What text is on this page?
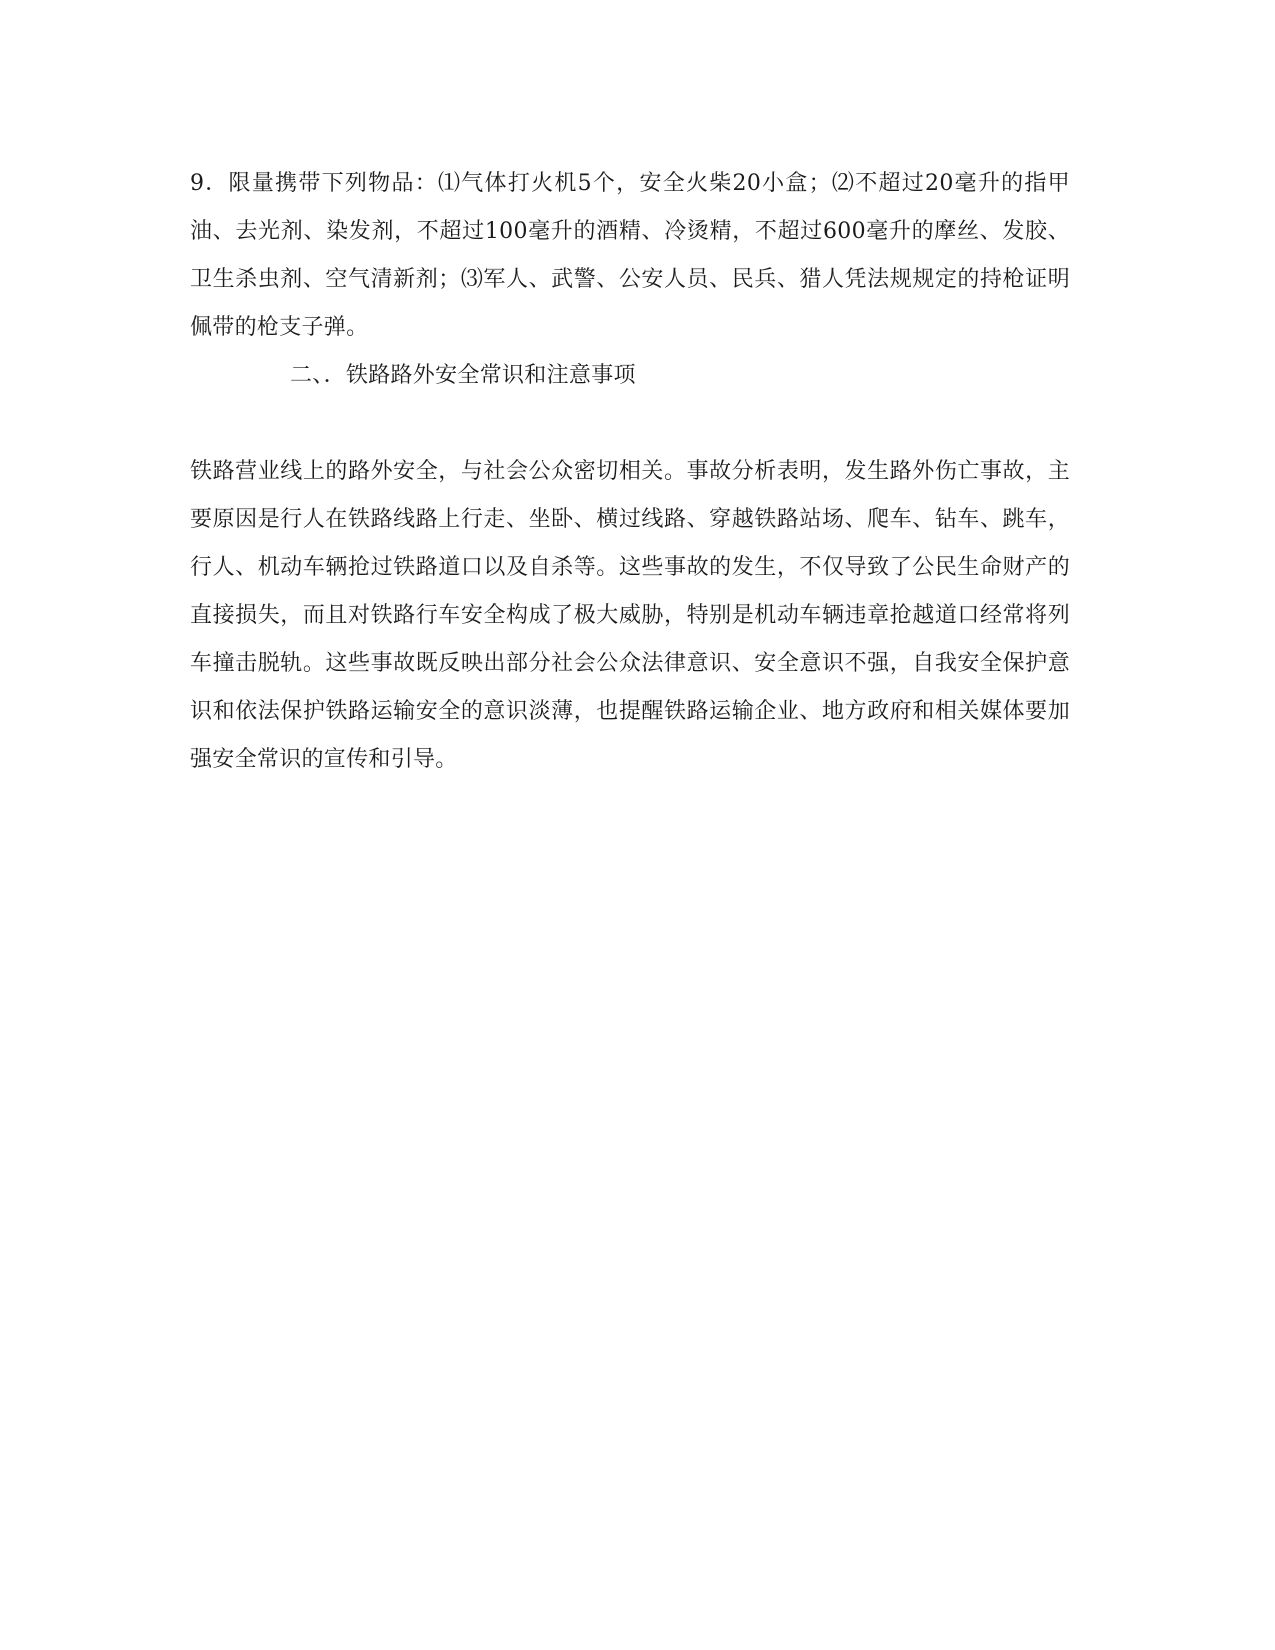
9．限量携带下列物品：⑴气体打火机5个，安全火柴20小盒；⑵不超过20毫升的指甲油、去光剂、染发剂，不超过100毫升的酒精、冷烫精，不超过600毫升的摩丝、发胶、卫生杀虫剂、空气清新剂；⑶军人、武警、公安人员、民兵、猎人凭法规规定的持枪证明佩带的枪支子弹。

二、．铁路路外安全常识和注意事项

铁路营业线上的路外安全，与社会公众密切相关。事故分析表明，发生路外伤亡事故，主要原因是行人在铁路线路上行走、坐卧、横过线路、穿越铁路站场、爬车、钻车、跳车，行人、机动车辆抢过铁路道口以及自杀等。这些事故的发生，不仅导致了公民生命财产的直接损失，而且对铁路行车安全构成了极大威胁，特别是机动车辆违章抢越道口经常将列车撞击脱轨。这些事故既反映出部分社会公众法律意识、安全意识不强，自我安全保护意识和依法保护铁路运输安全的意识淡薄，也提醒铁路运输企业、地方政府和相关媒体要加强安全常识的宣传和引导。
